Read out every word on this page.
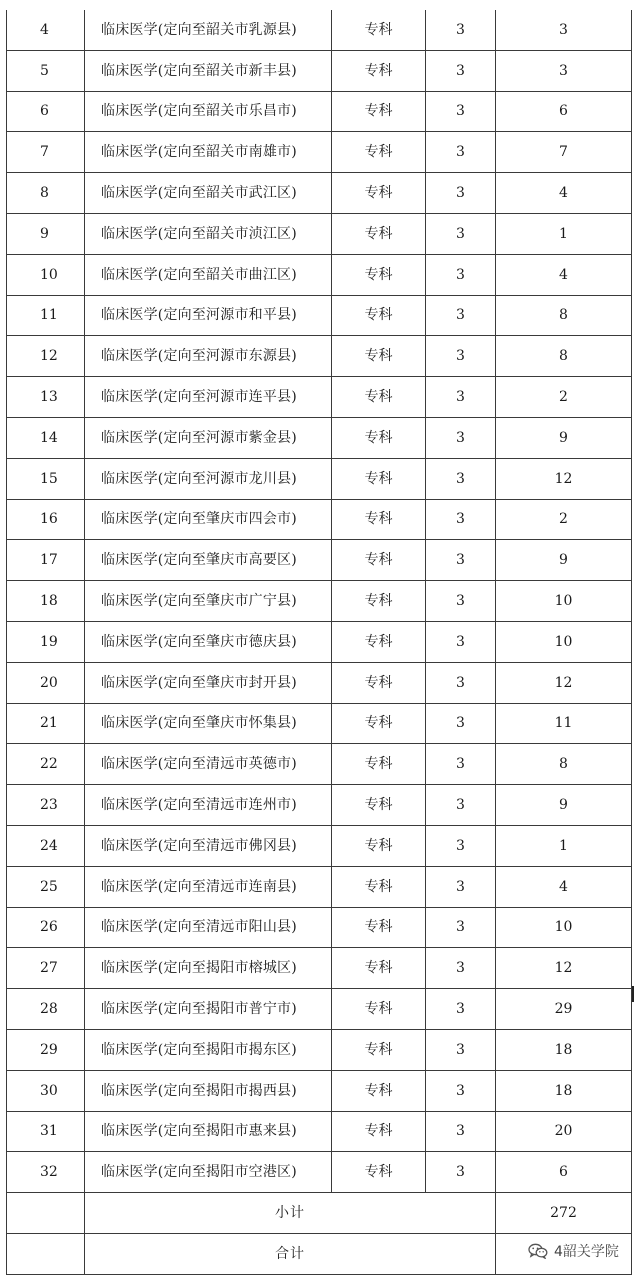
4	临床医学(定向至韶关市乳源县)	专科	3	3
5	临床医学(定向至韶关市新丰县)	专科	3	3
6	临床医学(定向至韶关市乐昌市)	专科	3	6
7	临床医学(定向至韶关市南雄市)	专科	3	7
8	临床医学(定向至韶关市武江区)	专科	3	4
9	临床医学(定向至韶关市浈江区)	专科	3	1
10	临床医学(定向至韶关市曲江区)	专科	3	4
11	临床医学(定向至河源市和平县)	专科	3	8
12	临床医学(定向至河源市东源县)	专科	3	8
13	临床医学(定向至河源市连平县)	专科	3	2
14	临床医学(定向至河源市紫金县)	专科	3	9
15	临床医学(定向至河源市龙川县)	专科	3	12
16	临床医学(定向至肇庆市四会市)	专科	3	2
17	临床医学(定向至肇庆市高要区)	专科	3	9
18	临床医学(定向至肇庆市广宁县)	专科	3	10
19	临床医学(定向至肇庆市德庆县)	专科	3	10
20	临床医学(定向至肇庆市封开县)	专科	3	12
21	临床医学(定向至肇庆市怀集县)	专科	3	11
22	临床医学(定向至清远市英德市)	专科	3	8
23	临床医学(定向至清远市连州市)	专科	3	9
24	临床医学(定向至清远市佛冈县)	专科	3	1
25	临床医学(定向至清远市连南县)	专科	3	4
26	临床医学(定向至清远市阳山县)	专科	3	10
27	临床医学(定向至揭阳市榕城区)	专科	3	12
28	临床医学(定向至揭阳市普宁市)	专科	3	29
29	临床医学(定向至揭阳市揭东区)	专科	3	18
30	临床医学(定向至揭阳市揭西县)	专科	3	18
31	临床医学(定向至揭阳市惠来县)	专科	3	20
32	临床医学(定向至揭阳市空港区)	专科	3	6
	小计			272
	合计				4韶关学院
